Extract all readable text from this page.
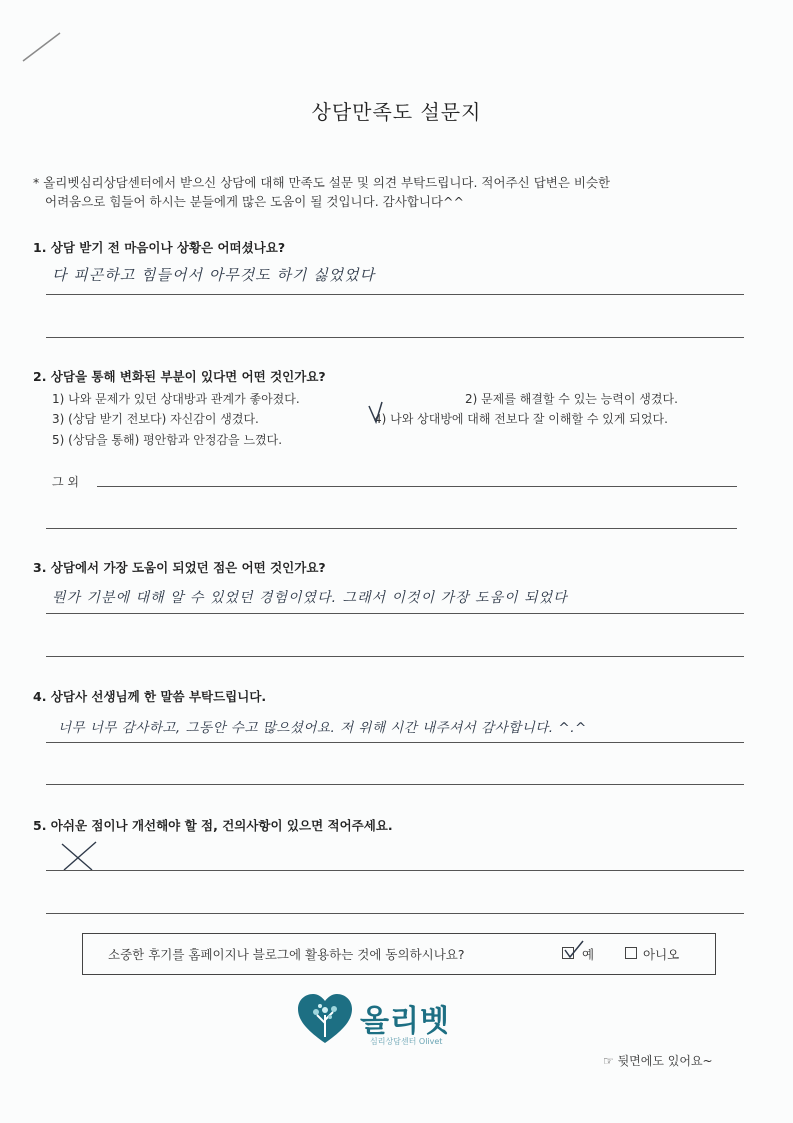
상담만족도 설문지
* 올리벳심리상담센터에서 받으신 상담에 대해 만족도 설문 및 의견 부탁드립니다. 적어주신 답변은 비슷한
어려움으로 힘들어 하시는 분들에게 많은 도움이 될 것입니다. 감사합니다^^
1. 상담 받기 전 마음이나 상황은 어떠셨나요?
다 피곤하고 힘들어서 아무것도 하기 싫었었다
2. 상담을 통해 변화된 부분이 있다면 어떤 것인가요?
1) 나와 문제가 있던 상대방과 관계가 좋아졌다.	2) 문제를 해결할 수 있는 능력이 생겼다.
3) (상담 받기 전보다) 자신감이 생겼다.	4) 나와 상대방에 대해 전보다 잘 이해할 수 있게 되었다.
5) (상담을 통해) 평안함과 안정감을 느꼈다.
그 외
3. 상담에서 가장 도움이 되었던 점은 어떤 것인가요?
뭔가 기분에 대해 알 수 있었던 경험이였다. 그래서 이것이 가장 도움이 되었다
4. 상담사 선생님께 한 말씀 부탁드립니다.
너무 너무 감사하고, 그동안 수고 많으셨어요. 저 위해 시간 내주셔서 감사합니다. ^.^
5. 아쉬운 점이나 개선해야 할 점, 건의사항이 있으면 적어주세요.
소중한 후기를 홈페이지나 블로그에 활용하는 것에 동의하시나요?	예	아니오
올리벳
심리상담센터 Olivet
☞ 뒷면에도 있어요~
